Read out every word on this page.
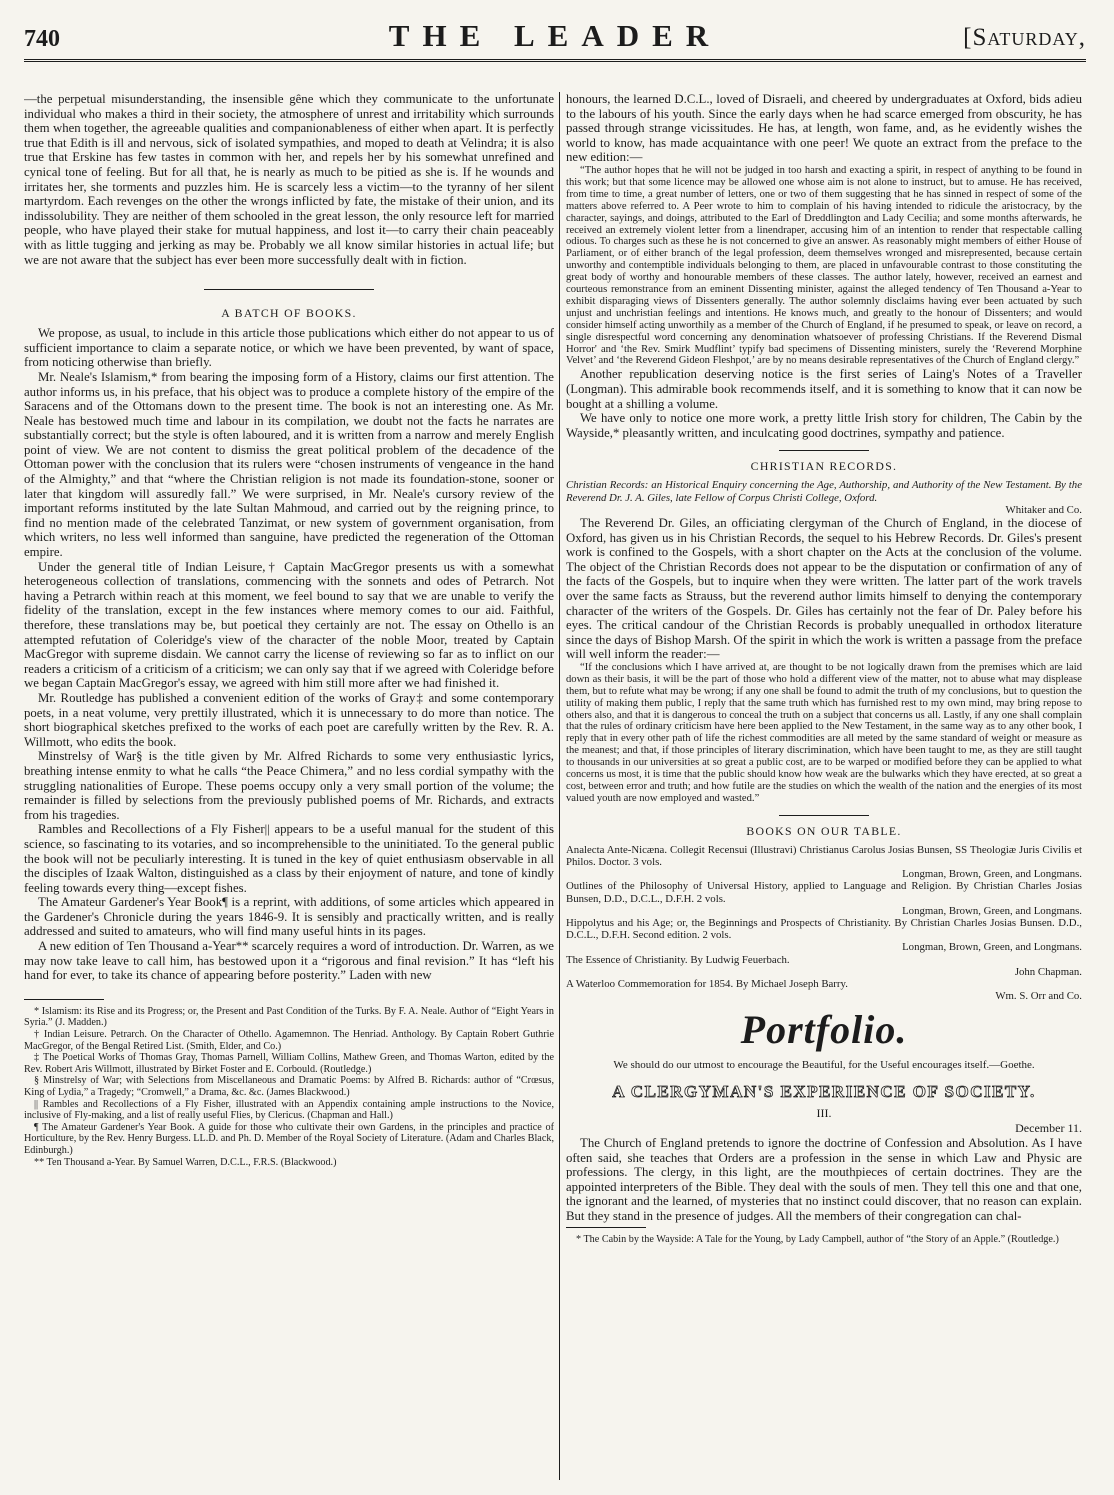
740	THE LEADER	[Saturday,

—the perpetual misunderstanding, the insensible gêne which they communicate to the unfortunate individual who makes a third in their society, the atmosphere of unrest and irritability which surrounds them when together, the agreeable qualities and companionableness of either when apart. It is perfectly true that Edith is ill and nervous, sick of isolated sympathies, and moped to death at Velindra; it is also true that Erskine has few tastes in common with her, and repels her by his somewhat unrefined and cynical tone of feeling. But for all that, he is nearly as much to be pitied as she is. If he wounds and irritates her, she torments and puzzles him. He is scarcely less a victim—to the tyranny of her silent martyrdom. Each revenges on the other the wrongs inflicted by fate, the mistake of their union, and its indissolubility. They are neither of them schooled in the great lesson, the only resource left for married people, who have played their stake for mutual happiness, and lost it—to carry their chain peaceably with as little tugging and jerking as may be. Probably we all know similar histories in actual life; but we are not aware that the subject has ever been more successfully dealt with in fiction.

A BATCH OF BOOKS.

We propose, as usual, to include in this article those publications which either do not appear to us of sufficient importance to claim a separate notice, or which we have been prevented, by want of space, from noticing otherwise than briefly.

Mr. Neale's Islamism,* from bearing the imposing form of a History, claims our first attention. The author informs us, in his preface, that his object was to produce a complete history of the empire of the Saracens and of the Ottomans down to the present time. The book is not an interesting one. As Mr. Neale has bestowed much time and labour in its compilation, we doubt not the facts he narrates are substantially correct; but the style is often laboured, and it is written from a narrow and merely English point of view. We are not content to dismiss the great political problem of the decadence of the Ottoman power with the conclusion that its rulers were “chosen instruments of vengeance in the hand of the Almighty,” and that “where the Christian religion is not made its foundation-stone, sooner or later that kingdom will assuredly fall.” We were surprised, in Mr. Neale's cursory review of the important reforms instituted by the late Sultan Mahmoud, and carried out by the reigning prince, to find no mention made of the celebrated Tanzimat, or new system of government organisation, from which writers, no less well informed than sanguine, have predicted the regeneration of the Ottoman empire.

Under the general title of Indian Leisure,† Captain MacGregor presents us with a somewhat heterogeneous collection of translations, commencing with the sonnets and odes of Petrarch. Not having a Petrarch within reach at this moment, we feel bound to say that we are unable to verify the fidelity of the translation, except in the few instances where memory comes to our aid. Faithful, therefore, these translations may be, but poetical they certainly are not. The essay on Othello is an attempted refutation of Coleridge's view of the character of the noble Moor, treated by Captain MacGregor with supreme disdain. We cannot carry the license of reviewing so far as to inflict on our readers a criticism of a criticism of a criticism; we can only say that if we agreed with Coleridge before we began Captain MacGregor's essay, we agreed with him still more after we had finished it.

Mr. Routledge has published a convenient edition of the works of Gray‡ and some contemporary poets, in a neat volume, very prettily illustrated, which it is unnecessary to do more than notice. The short biographical sketches prefixed to the works of each poet are carefully written by the Rev. R. A. Willmott, who edits the book.

Minstrelsy of War§ is the title given by Mr. Alfred Richards to some very enthusiastic lyrics, breathing intense enmity to what he calls “the Peace Chimera,” and no less cordial sympathy with the struggling nationalities of Europe. These poems occupy only a very small portion of the volume; the remainder is filled by selections from the previously published poems of Mr. Richards, and extracts from his tragedies.

Rambles and Recollections of a Fly Fisher|| appears to be a useful manual for the student of this science, so fascinating to its votaries, and so incomprehensible to the uninitiated. To the general public the book will not be peculiarly interesting. It is tuned in the key of quiet enthusiasm observable in all the disciples of Izaak Walton, distinguished as a class by their enjoyment of nature, and tone of kindly feeling towards every thing—except fishes.

The Amateur Gardener's Year Book¶ is a reprint, with additions, of some articles which appeared in the Gardener's Chronicle during the years 1846-9. It is sensibly and practically written, and is really addressed and suited to amateurs, who will find many useful hints in its pages.

A new edition of Ten Thousand a-Year** scarcely requires a word of introduction. Dr. Warren, as we may now take leave to call him, has bestowed upon it a “rigorous and final revision.” It has “left his hand for ever, to take its chance of appearing before posterity.” Laden with new

* Islamism: its Rise and its Progress; or, the Present and Past Condition of the Turks. By F. A. Neale. Author of “Eight Years in Syria.” (J. Madden.)

† Indian Leisure. Petrarch. On the Character of Othello. Agamemnon. The Henriad. Anthology. By Captain Robert Guthrie MacGregor, of the Bengal Retired List. (Smith, Elder, and Co.)

‡ The Poetical Works of Thomas Gray, Thomas Parnell, William Collins, Mathew Green, and Thomas Warton, edited by the Rev. Robert Aris Willmott, illustrated by Birket Foster and E. Corbould. (Routledge.)

§ Minstrelsy of War; with Selections from Miscellaneous and Dramatic Poems: by Alfred B. Richards: author of “Crœsus, King of Lydia,” a Tragedy; “Cromwell,” a Drama, &c. &c. (James Blackwood.)

|| Rambles and Recollections of a Fly Fisher, illustrated with an Appendix containing ample instructions to the Novice, inclusive of Fly-making, and a list of really useful Flies, by Clericus. (Chapman and Hall.)

¶ The Amateur Gardener's Year Book. A guide for those who cultivate their own Gardens, in the principles and practice of Horticulture, by the Rev. Henry Burgess. LL.D. and Ph. D. Member of the Royal Society of Literature. (Adam and Charles Black, Edinburgh.)

** Ten Thousand a-Year. By Samuel Warren, D.C.L., F.R.S. (Blackwood.)

honours, the learned D.C.L., loved of Disraeli, and cheered by undergraduates at Oxford, bids adieu to the labours of his youth. Since the early days when he had scarce emerged from obscurity, he has passed through strange vicissitudes. He has, at length, won fame, and, as he evidently wishes the world to know, has made acquaintance with one peer! We quote an extract from the preface to the new edition:—

“The author hopes that he will not be judged in too harsh and exacting a spirit, in respect of anything to be found in this work; but that some licence may be allowed one whose aim is not alone to instruct, but to amuse. He has received, from time to time, a great number of letters, one or two of them suggesting that he has sinned in respect of some of the matters above referred to. A Peer wrote to him to complain of his having intended to ridicule the aristocracy, by the character, sayings, and doings, attributed to the Earl of Dreddlington and Lady Cecilia; and some months afterwards, he received an extremely violent letter from a linendraper, accusing him of an intention to render that respectable calling odious. To charges such as these he is not concerned to give an answer. As reasonably might members of either House of Parliament, or of either branch of the legal profession, deem themselves wronged and misrepresented, because certain unworthy and contemptible individuals belonging to them, are placed in unfavourable contrast to those constituting the great body of worthy and honourable members of these classes. The author lately, however, received an earnest and courteous remonstrance from an eminent Dissenting minister, against the alleged tendency of Ten Thousand a-Year to exhibit disparaging views of Dissenters generally. The author solemnly disclaims having ever been actuated by such unjust and unchristian feelings and intentions. He knows much, and greatly to the honour of Dissenters; and would consider himself acting unworthily as a member of the Church of England, if he presumed to speak, or leave on record, a single disrespectful word concerning any denomination whatsoever of professing Christians. If the Reverend Dismal Horror' and ‘the Rev. Smirk Mudflint’ typify bad specimens of Dissenting ministers, surely the ‘Reverend Morphine Velvet’ and ‘the Reverend Gideon Fleshpot,’ are by no means desirable representatives of the Church of England clergy.”

Another republication deserving notice is the first series of Laing's Notes of a Traveller (Longman). This admirable book recommends itself, and it is something to know that it can now be bought at a shilling a volume.

We have only to notice one more work, a pretty little Irish story for children, The Cabin by the Wayside,* pleasantly written, and inculcating good doctrines, sympathy and patience.

CHRISTIAN RECORDS.

Christian Records: an Historical Enquiry concerning the Age, Authorship, and Authority of the New Testament. By the Reverend Dr. J. A. Giles, late Fellow of Corpus Christi College, Oxford.

Whitaker and Co.

The Reverend Dr. Giles, an officiating clergyman of the Church of England, in the diocese of Oxford, has given us in his Christian Records, the sequel to his Hebrew Records. Dr. Giles's present work is confined to the Gospels, with a short chapter on the Acts at the conclusion of the volume. The object of the Christian Records does not appear to be the disputation or confirmation of any of the facts of the Gospels, but to inquire when they were written. The latter part of the work travels over the same facts as Strauss, but the reverend author limits himself to denying the contemporary character of the writers of the Gospels. Dr. Giles has certainly not the fear of Dr. Paley before his eyes. The critical candour of the Christian Records is probably unequalled in orthodox literature since the days of Bishop Marsh. Of the spirit in which the work is written a passage from the preface will well inform the reader:—

“If the conclusions which I have arrived at, are thought to be not logically drawn from the premises which are laid down as their basis, it will be the part of those who hold a different view of the matter, not to abuse what may displease them, but to refute what may be wrong; if any one shall be found to admit the truth of my conclusions, but to question the utility of making them public, I reply that the same truth which has furnished rest to my own mind, may bring repose to others also, and that it is dangerous to conceal the truth on a subject that concerns us all. Lastly, if any one shall complain that the rules of ordinary criticism have here been applied to the New Testament, in the same way as to any other book, I reply that in every other path of life the richest commodities are all meted by the same standard of weight or measure as the meanest; and that, if those principles of literary discrimination, which have been taught to me, as they are still taught to thousands in our universities at so great a public cost, are to be warped or modified before they can be applied to what concerns us most, it is time that the public should know how weak are the bulwarks which they have erected, at so great a cost, between error and truth; and how futile are the studies on which the wealth of the nation and the energies of its most valued youth are now employed and wasted.”

BOOKS ON OUR TABLE.

Analecta Ante-Nicæna. Collegit Recensui (Illustravi) Christianus Carolus Josias Bunsen, SS Theologiæ Juris Civilis et Philos. Doctor. 3 vols.

Longman, Brown, Green, and Longmans.

Outlines of the Philosophy of Universal History, applied to Language and Religion. By Christian Charles Josias Bunsen, D.D., D.C.L., D.F.H. 2 vols.

Longman, Brown, Green, and Longmans.

Hippolytus and his Age; or, the Beginnings and Prospects of Christianity. By Christian Charles Josias Bunsen. D.D., D.C.L., D.F.H. Second edition. 2 vols.

Longman, Brown, Green, and Longmans.

The Essence of Christianity. By Ludwig Feuerbach.

John Chapman.

A Waterloo Commemoration for 1854. By Michael Joseph Barry.

Wm. S. Orr and Co.

Portfolio.
We should do our utmost to encourage the Beautiful, for the Useful encourages itself.—Goethe.
A CLERGYMAN'S EXPERIENCE OF SOCIETY.
III.
December 11.

The Church of England pretends to ignore the doctrine of Confession and Absolution. As I have often said, she teaches that Orders are a profession in the sense in which Law and Physic are professions. The clergy, in this light, are the mouthpieces of certain doctrines. They are the appointed interpreters of the Bible. They deal with the souls of men. They tell this one and that one, the ignorant and the learned, of mysteries that no instinct could discover, that no reason can explain. But they stand in the presence of judges. All the members of their congregation can chal-

* The Cabin by the Wayside: A Tale for the Young, by Lady Campbell, author of “the Story of an Apple.” (Routledge.)
